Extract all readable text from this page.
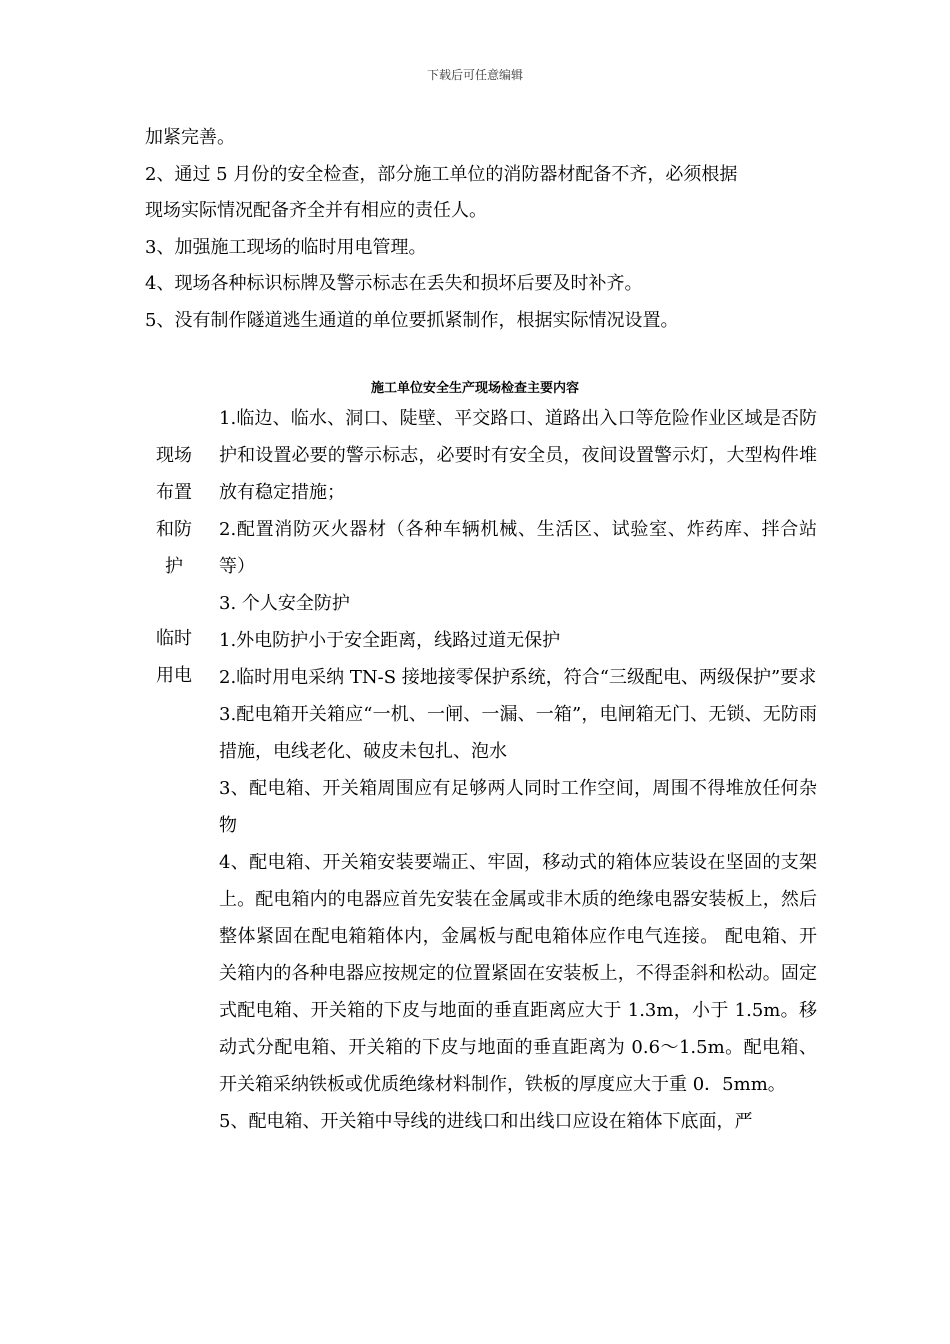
下载后可任意编辑

加紧完善。

2、通过 5 月份的安全检查，部分施工单位的消防器材配备不齐，必须根据

现场实际情况配备齐全并有相应的责任人。

3、加强施工现场的临时用电管理。

4、现场各种标识标牌及警示标志在丢失和损坏后要及时补齐。

5、没有制作隧道逃生通道的单位要抓紧制作，根据实际情况设置。

施工单位安全生产现场检查主要内容
现场
布置
和防
护
临时
用电

1.临边、临水、洞口、陡壁、平交路口、道路出入口等危险作业区域是否防护和设置必要的警示标志，必要时有安全员，夜间设置警示灯，大型构件堆放有稳定措施；

2.配置消防灭火器材（各种车辆机械、生活区、试验室、炸药库、拌合站等）

3. 个人安全防护

1.外电防护小于安全距离，线路过道无保护

2.临时用电采纳 TN-S 接地接零保护系统，符合“三级配电、两级保护”要求

3.配电箱开关箱应“一机、一闸、一漏、一箱”，电闸箱无门、无锁、无防雨措施，电线老化、破皮未包扎、泡水

3、配电箱、开关箱周围应有足够两人同时工作空间，周围不得堆放任何杂物

4、配电箱、开关箱安装要端正、牢固，移动式的箱体应装设在坚固的支架上。配电箱内的电器应首先安装在金属或非木质的绝缘电器安装板上，然后整体紧固在配电箱箱体内，金属板与配电箱体应作电气连接。 配电箱、开关箱内的各种电器应按规定的位置紧固在安装板上，不得歪斜和松动。固定式配电箱、开关箱的下皮与地面的垂直距离应大于 1.3m，小于 1.5m。移动式分配电箱、开关箱的下皮与地面的垂直距离为 0.6～1.5m。配电箱、开关箱采纳铁板或优质绝缘材料制作，铁板的厚度应大于重 0．5mm。

5、配电箱、开关箱中导线的进线口和出线口应设在箱体下底面，严
